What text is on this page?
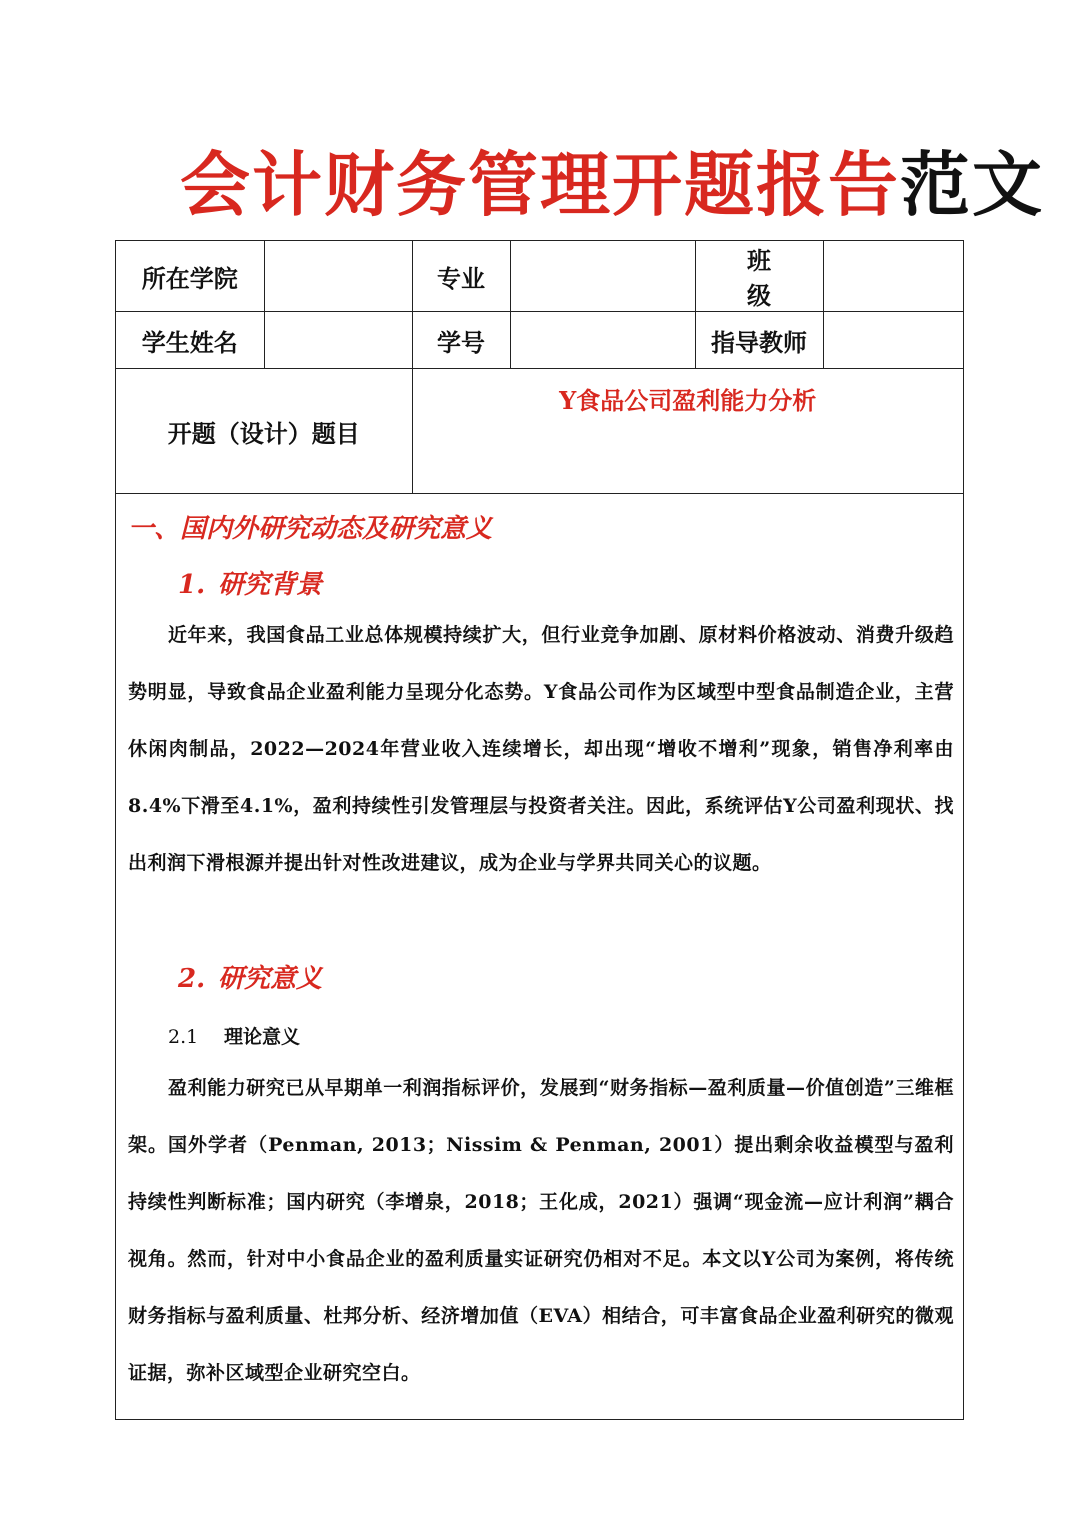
会计财务管理开题报告范文
所在学院		专业		班级	
学生姓名		学号		指导教师	
开题（设计）题目		Y食品公司盈利能力分析			
一、国内外研究动态及研究意义
1. 研究背景

近年来，我国食品工业总体规模持续扩大，但行业竞争加剧、原材料价格波动、消费升级趋势明显，导致食品企业盈利能力呈现分化态势。Y食品公司作为区域型中型食品制造企业，主营休闲肉制品，2022—2024年营业收入连续增长，却出现“增收不增利”现象，销售净利率由8.4%下滑至4.1%，盈利持续性引发管理层与投资者关注。因此，系统评估Y公司盈利现状、找出利润下滑根源并提出针对性改进建议，成为企业与学界共同关心的议题。

2. 研究意义
2.1 理论意义

盈利能力研究已从早期单一利润指标评价，发展到“财务指标—盈利质量—价值创造”三维框架。国外学者（Penman, 2013；Nissim & Penman, 2001）提出剩余收益模型与盈利持续性判断标准；国内研究（李增泉，2018；王化成，2021）强调“现金流—应计利润”耦合视角。然而，针对中小食品企业的盈利质量实证研究仍相对不足。本文以Y公司为案例，将传统财务指标与盈利质量、杜邦分析、经济增加值（EVA）相结合，可丰富食品企业盈利研究的微观证据，弥补区域型企业研究空白。
